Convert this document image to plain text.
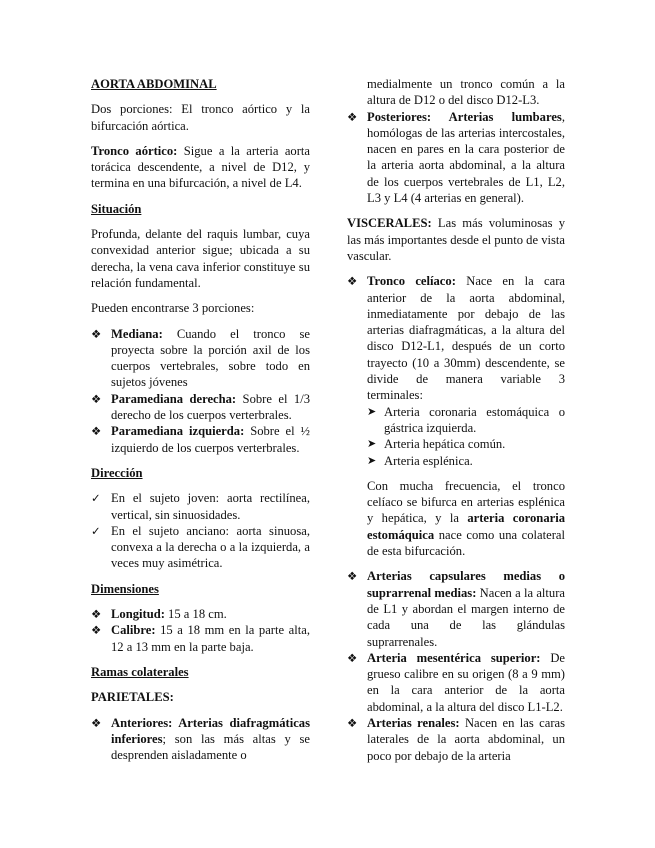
AORTA ABDOMINAL

Dos porciones: El tronco aórtico y la bifurcación aórtica.

Tronco aórtico: Sigue a la arteria aorta torácica descendente, a nivel de D12, y termina en una bifurcación, a nivel de L4.

Situación

Profunda, delante del raquis lumbar, cuya convexidad anterior sigue; ubicada a su derecha, la vena cava inferior constituye su relación fundamental.

Pueden encontrarse 3 porciones:

❖ Mediana: Cuando el tronco se proyecta sobre la porción axil de los cuerpos vertebrales, sobre todo en sujetos jóvenes
❖ Paramediana derecha: Sobre el 1/3 derecho de los cuerpos verterbrales.
❖ Paramediana izquierda: Sobre el ½ izquierdo de los cuerpos verterbrales.

Dirección

✓ En el sujeto joven: aorta rectilínea, vertical, sin sinuosidades.
✓ En el sujeto anciano: aorta sinuosa, convexa a la derecha o a la izquierda, a veces muy asimétrica.

Dimensiones

❖ Longitud: 15 a 18 cm.
❖ Calibre: 15 a 18 mm en la parte alta, 12 a 13 mm en la parte baja.

Ramas colaterales

PARIETALES:

❖ Anteriores: Arterias diafragmáticas inferiores; son las más altas y se desprenden aisladamente o

medialmente un tronco común a la altura de D12 o del disco D12-L3.

❖ Posteriores: Arterias lumbares, homólogas de las arterias intercostales, nacen en pares en la cara posterior de la arteria aorta abdominal, a la altura de los cuerpos vertebrales de L1, L2, L3 y L4 (4 arterias en general).

VISCERALES: Las más voluminosas y las más importantes desde el punto de vista vascular.

❖ Tronco celíaco: Nace en la cara anterior de la aorta abdominal, inmediatamente por debajo de las arterias diafragmáticas, a la altura del disco D12-L1, después de un corto trayecto (10 a 30mm) descendente, se divide de manera variable 3 terminales:
➤ Arteria coronaria estomáquica o gástrica izquierda.
➤ Arteria hepática común.
➤ Arteria esplénica.

Con mucha frecuencia, el tronco celíaco se bifurca en arterias esplénica y hepática, y la arteria coronaria estomáquica nace como una colateral de esta bifurcación.

❖ Arterias capsulares medias o suprarrenal medias: Nacen a la altura de L1 y abordan el margen interno de cada una de las glándulas suprarrenales.
❖ Arteria mesentérica superior: De grueso calibre en su origen (8 a 9 mm) en la cara anterior de la aorta abdominal, a la altura del disco L1-L2.
❖ Arterias renales: Nacen en las caras laterales de la aorta abdominal, un poco por debajo de la arteria
